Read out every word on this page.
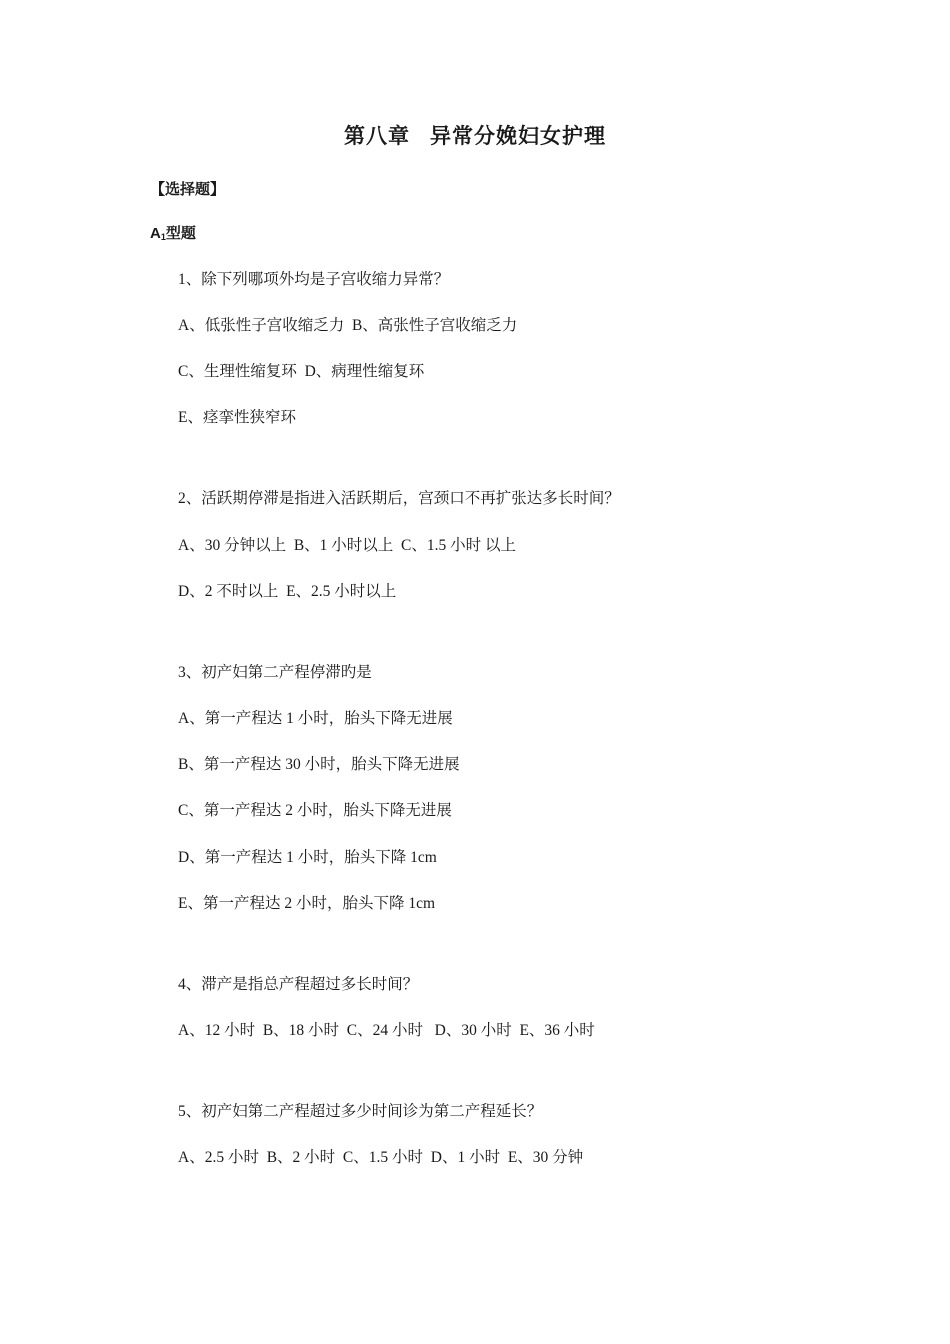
第八章 异常分娩妇女护理
【选择题】
$A_1$型题
1、除下列哪项外均是子宫收缩力异常？
A、低张性子宫收缩乏力  B、高张性子宫收缩乏力
C、生理性缩复环  D、病理性缩复环
E、痉挛性狭窄环
2、活跃期停滞是指进入活跃期后，宫颈口不再扩张达多长时间？
A、30 分钟以上  B、1 小时以上  C、1.5 小时 以上
D、2 不时以上  E、2.5 小时以上
3、初产妇第二产程停滞旳是
A、第一产程达 1 小时，胎头下降无进展
B、第一产程达 30 小时，胎头下降无进展
C、第一产程达 2 小时，胎头下降无进展
D、第一产程达 1 小时，胎头下降 1cm
E、第一产程达 2 小时，胎头下降 1cm
4、滞产是指总产程超过多长时间？
A、12 小时  B、18 小时  C、24 小时   D、30 小时  E、36 小时
5、初产妇第二产程超过多少时间诊为第二产程延长？
A、2.5 小时  B、2 小时  C、1.5 小时  D、1 小时  E、30 分钟
